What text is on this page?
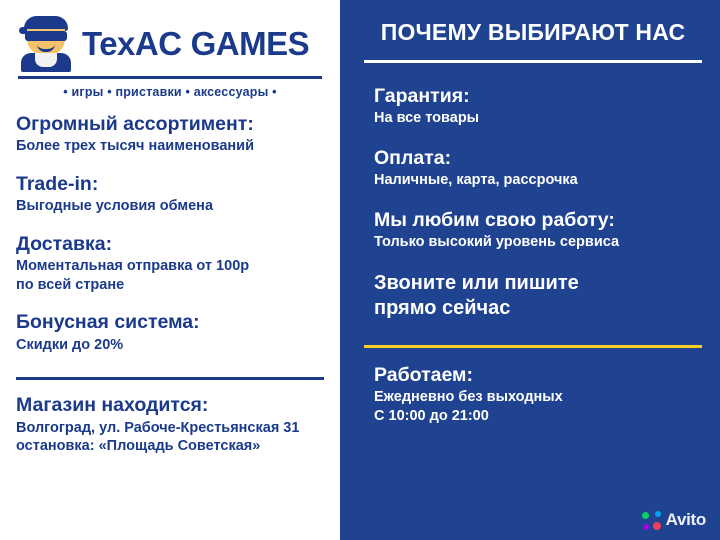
TexAC GAMES
• игры • приставки • аксессуары •
Огромный ассортимент:
Более трех тысяч наименований
Trade-in:
Выгодные условия обмена
Доставка:
Моментальная отправка от 100р
по всей стране
Бонусная система:
Скидки до 20%
Магазин находится:
Волгоград, ул. Рабоче-Крестьянская 31
остановка: «Площадь Советская»
ПОЧЕМУ ВЫБИРАЮТ НАС
Гарантия:
На все товары
Оплата:
Наличные, карта, рассрочка
Мы любим свою работу:
Только высокий уровень сервиса
Звоните или пишите
прямо сейчас
Работаем:
Ежедневно без выходных
С 10:00 до 21:00
Avito
